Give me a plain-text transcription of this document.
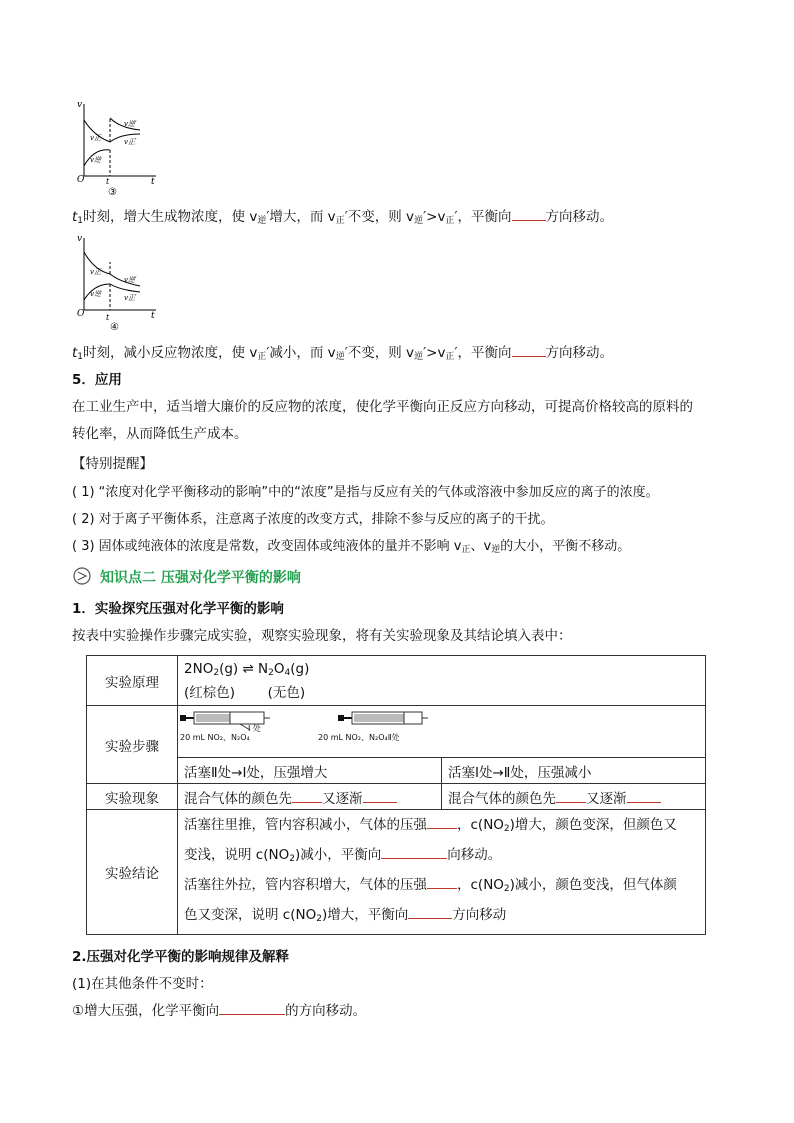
v
O	t
t
v正
v逆
v逆′
v正′
③
$t_1$时刻，增大生成物浓度，使 $v_逆'$增大，而 $v_正'$不变，则 $v_逆'>v_正'$，平衡向	方向移动。
v
O	t
t
v正
v逆
v逆′
v正′
④
$t_1$时刻，减小反应物浓度，使 $v_正'$减小，而 $v_逆'$不变，则 $v_逆'>v_正'$，平衡向	方向移动。
5．应用
在工业生产中，适当增大廉价的反应物的浓度，使化学平衡向正反应方向移动，可提高价格较高的原料的
转化率，从而降低生产成本。
【特别提醒】
( 1) “浓度对化学平衡移动的影响”中的“浓度”是指与反应有关的气体或溶液中参加反应的离子的浓度。
( 2) 对于离子平衡体系，注意离子浓度的改变方式，排除不参与反应的离子的干扰。
( 3) 固体或纯液体的浓度是常数，改变固体或纯液体的量并不影响 $v_正$、$v_逆$的大小，平衡不移动。
知识点二 压强对化学平衡的影响
1．实验探究压强对化学平衡的影响
按表中实验操作步骤完成实验，观察实验现象，将有关实验现象及其结论填入表中：
实验原理	$2NO_2(g)$ ⇌ $N_2O_4(g)$
(红棕色) (无色)	

实验步骤	20 mL NO₂、N₂O₄
I 处
20 mL NO₂、N₂O₄Ⅱ处	

	活塞Ⅱ处→Ⅰ处，压强增大	活塞Ⅰ处→Ⅱ处，压强减小
实验现象	混合气体的颜色先 又逐渐	混合气体的颜色先 又逐渐
实验结论	活塞往里推，管内容积减小，气体的压强 ，$c(NO_2)$增大，颜色变深，但颜色又
变浅，说明 $c(NO_2)$减小，平衡向 向移动。
活塞往外拉，管内容积增大，气体的压强 ，$c(NO_2)$减小，颜色变浅，但气体颜
色又变深，说明 $c(NO_2)$增大，平衡向 方向移动	
2.压强对化学平衡的影响规律及解释
(1)在其他条件不变时：
①增大压强，化学平衡向	的方向移动。
